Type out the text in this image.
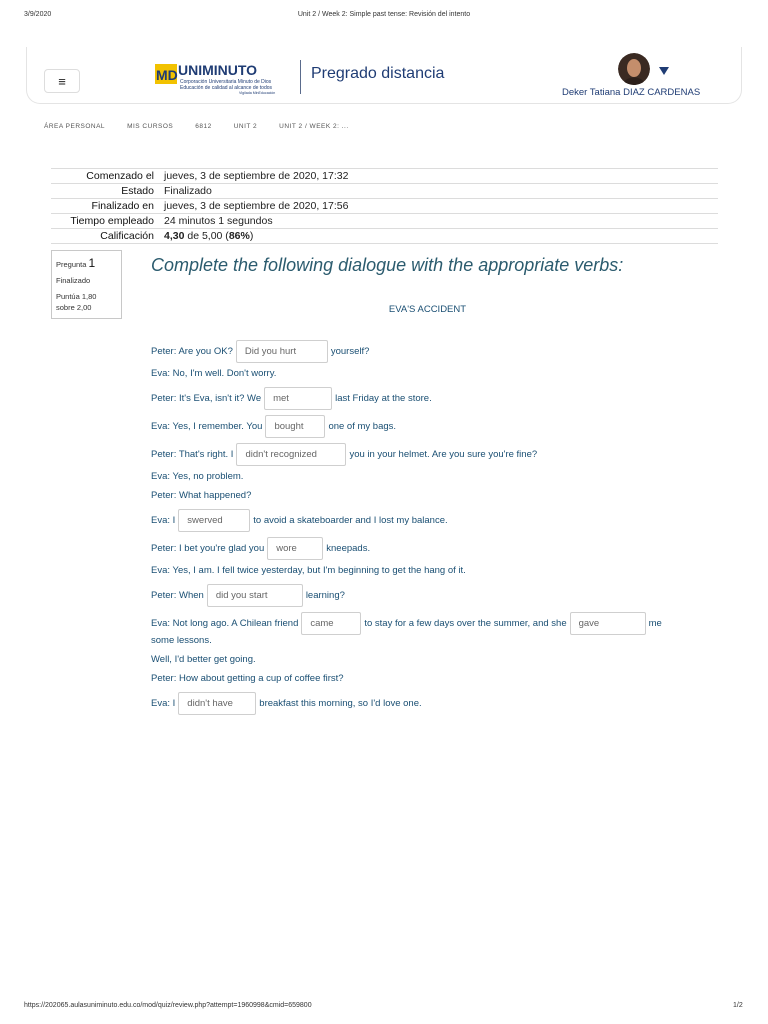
3/9/2020	Unit 2 / Week 2: Simple past tense: Revisión del intento
≡	MD UNIMINUTO
Corporación Universitaria Minuto de Dios
Educación de calidad al alcance de todos
Vigilada MinEducación
Pregrado distancia
Deker Tatiana DIAZ CARDENAS
ÁREA PERSONAL	MIS CURSOS	6812	UNIT 2	UNIT 2 / WEEK 2: ...
Comenzado el	jueves, 3 de septiembre de 2020, 17:32
Estado	Finalizado
Finalizado en	jueves, 3 de septiembre de 2020, 17:56
Tiempo empleado	24 minutos 1 segundos
Calificación	4,30 de 5,00 (86%)
Pregunta 1
Finalizado
Puntúa 1,80
sobre 2,00
Complete the following dialogue with the appropriate verbs:
EVA'S ACCIDENT
Peter: Are you OK?	Did you hurt	yourself?
Eva: No, I'm well. Don't worry.
Peter: It's Eva, isn't it? We	met	last Friday at the store.
Eva: Yes, I remember. You	bought	one of my bags.
Peter: That's right. I	didn't recognized	you in your helmet. Are you sure you're fine?
Eva: Yes, no problem.
Peter: What happened?
Eva: I	swerved	to avoid a skateboarder and I lost my balance.
Peter: I bet you're glad you	wore	kneepads.
Eva: Yes, I am. I fell twice yesterday, but I'm beginning to get the hang of it.
Peter: When	did you start	learning?
Eva: Not long ago. A Chilean friend	came	to stay for a few days over the summer, and she	gave	me
some lessons.
Well, I'd better get going.
Peter: How about getting a cup of coffee first?
Eva: I	didn't have	breakfast this morning, so I'd love one.
https://202065.aulasuniminuto.edu.co/mod/quiz/review.php?attempt=1960998&cmid=659800	1/2
